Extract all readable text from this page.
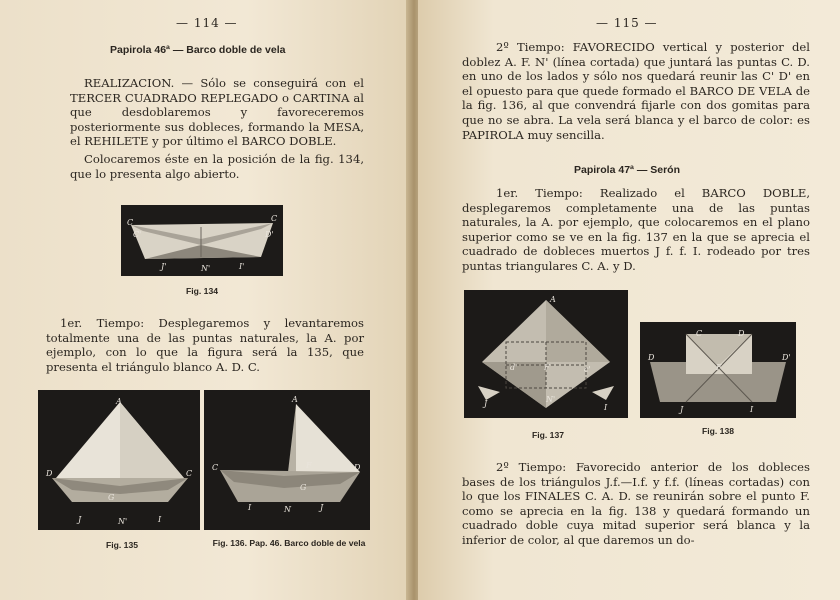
— 114 —
Papirola 46ª — Barco doble de vela

REALIZACION. — Sólo se conseguirá con el TERCER CUADRADO REPLEGADO o CARTINA al que desdoblaremos y favoreceremos posteriormente sus dobleces, formando la MESA, el REHILETE y por último el BARCO DOBLE.

Colocaremos éste en la posición de la fig. 134, que lo presenta algo abierto.

C
C'
C
D'
J'	N'	I'
Fig. 134

1er. Tiempo: Desplegaremos y levantaremos totalmente una de las puntas naturales, la A. por ejemplo, con lo que la figura será la 135, que presenta el triángulo blanco A. D. C.

A
D	C
G
J	N'	I
Fig. 135
A
C	F
G
D
I	N	J
Fig. 136. Pap. 46. Barco doble de vela
— 115 —

2º Tiempo: FAVORECIDO vertical y posterior del doblez A. F. N' (línea cortada) que juntará las puntas C. D. en uno de los lados y sólo nos quedará reunir las C' D' en el opuesto para que quede formado el BARCO DE VELA de la fig. 136, al que convendrá fijarle con dos gomitas para que no se abra. La vela será blanca y el barco de color: es PAPIROLA muy sencilla.

Papirola 47ª — Serón

1er. Tiempo: Realizado el BARCO DOBLE, desplegaremos completamente una de las puntas naturales, la A. por ejemplo, que colocaremos en el plano superior como se ve en la fig. 137 en la que se aprecia el cuadrado de dobleces muertos J f. f. I. rodeado por tres puntas triangulares C. A. y D.

A
d'	F	c'
J	N'
I
Fig. 137
C	D
D	D'
F
J	I
Fig. 138

2º Tiempo: Favorecido anterior de los dobleces bases de los triángulos J.f.—I.f. y f.f. (líneas cortadas) con lo que los FINALES C. A. D. se reunirán sobre el punto F. como se aprecia en la fig. 138 y quedará formando un cuadrado doble cuya mitad superior será blanca y la inferior de color, al que daremos un do-
